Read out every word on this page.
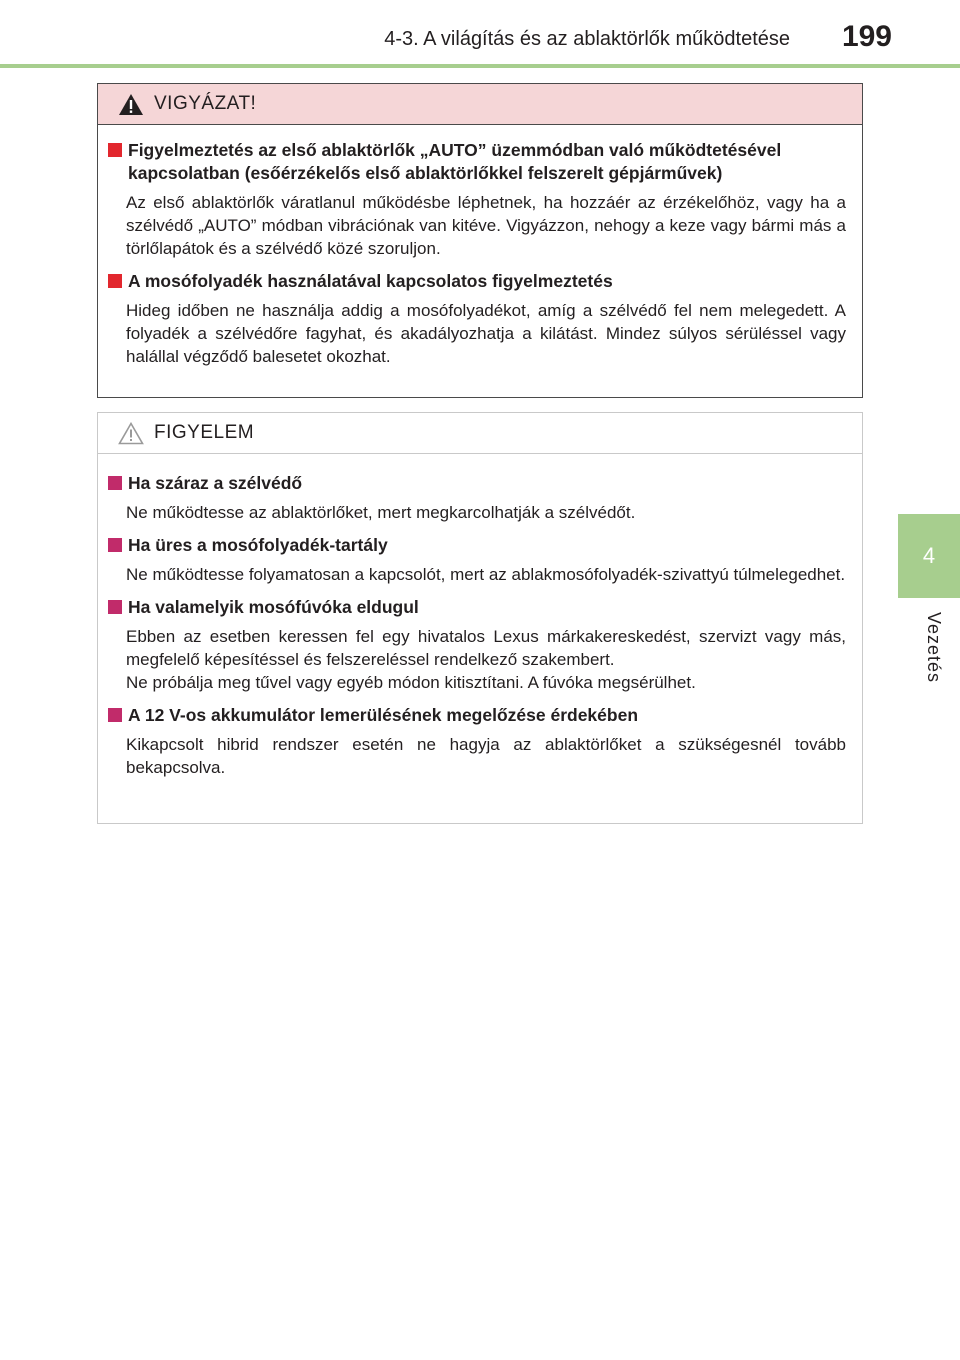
4-3. A világítás és az ablaktörlők működtetése 199
4
Vezetés
VIGYÁZAT!
Figyelmeztetés az első ablaktörlők „AUTO” üzemmódban való működtetésével kapcsolatban (esőérzékelős első ablaktörlőkkel felszerelt gépjárművek)

Az első ablaktörlők váratlanul működésbe léphetnek, ha hozzáér az érzékelőhöz, vagy ha a szélvédő „AUTO” módban vibrációnak van kitéve. Vigyázzon, nehogy a keze vagy bármi más a törlőlapátok és a szélvédő közé szoruljon.

A mosófolyadék használatával kapcsolatos figyelmeztetés

Hideg időben ne használja addig a mosófolyadékot, amíg a szélvédő fel nem melegedett. A folyadék a szélvédőre fagyhat, és akadályozhatja a kilátást. Mindez súlyos sérüléssel vagy halállal végződő balesetet okozhat.

FIGYELEM
Ha száraz a szélvédő

Ne működtesse az ablaktörlőket, mert megkarcolhatják a szélvédőt.

Ha üres a mosófolyadék-tartály

Ne működtesse folyamatosan a kapcsolót, mert az ablakmosófolyadék-szivattyú túlmelegedhet.

Ha valamelyik mosófúvóka eldugul

Ebben az esetben keressen fel egy hivatalos Lexus márkakereskedést, szervizt vagy más, megfelelő képesítéssel és felszereléssel rendelkező szakembert.

Ne próbálja meg tűvel vagy egyéb módon kitisztítani. A fúvóka megsérülhet.

A 12 V-os akkumulátor lemerülésének megelőzése érdekében

Kikapcsolt hibrid rendszer esetén ne hagyja az ablaktörlőket a szükségesnél tovább bekapcsolva.
